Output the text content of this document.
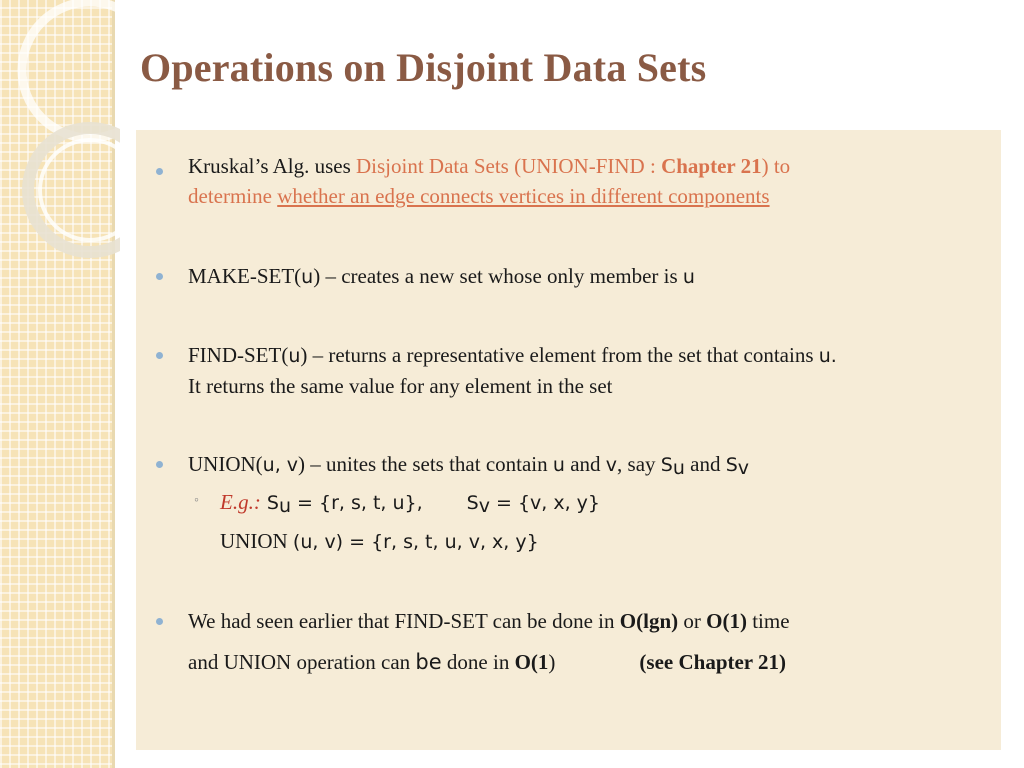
Operations on Disjoint Data Sets
Kruskal’s Alg. uses Disjoint Data Sets (UNION-FIND : Chapter 21) to
determine whether an edge connects vertices in different components
MAKE-SET(u) – creates a new set whose only member is u
FIND-SET(u) – returns a representative element from the set that contains u.
It returns the same value for any element in the set
UNION(u, v) – unites the sets that contain u and v, say $S_u$ and $S_v$
◦ E.g.: $S_u = \{r$, s, t, u}, $S_v = \{v$, x, y}
UNION (u, v) = {r, s, t, u, v, x, y}
We had seen earlier that FIND-SET can be done in O(lgn) or O(1) time
and UNION operation can be done in O(1)	(see Chapter 21)
